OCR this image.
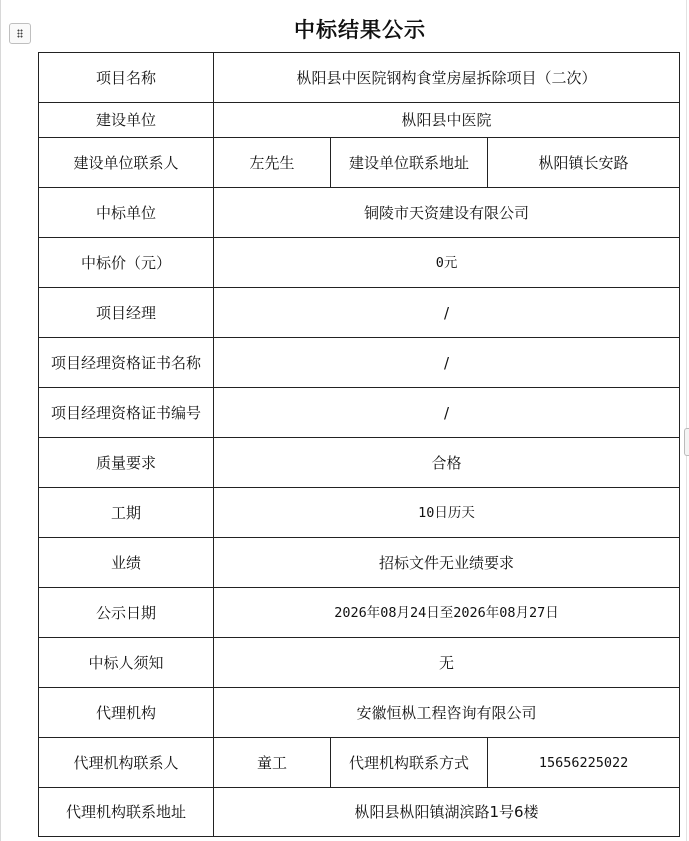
中标结果公示
项目名称	枞阳县中医院钢构食堂房屋拆除项目（二次）		
建设单位	枞阳县中医院		
建设单位联系人	左先生	建设单位联系地址	枞阳镇长安路
中标单位	铜陵市天资建设有限公司		
中标价（元）	0元		
项目经理	/		
项目经理资格证书名称	/		
项目经理资格证书编号	/		
质量要求	合格		
工期	10日历天		
业绩	招标文件无业绩要求		
公示日期	2026年08月24日至2026年08月27日		
中标人须知	无		
代理机构	安徽恒枞工程咨询有限公司		
代理机构联系人	童工	代理机构联系方式	15656225022
代理机构联系地址	枞阳县枞阳镇湖滨路1号6楼		
